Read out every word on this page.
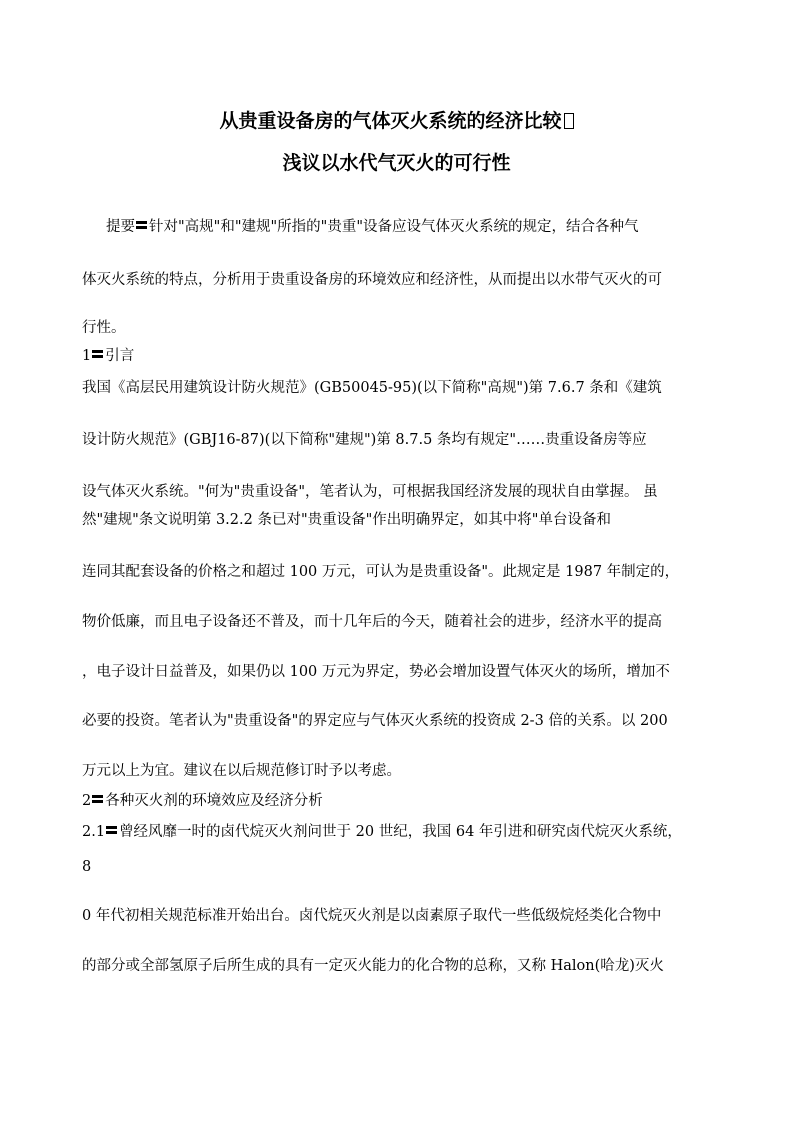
从贵重设备房的气体灭火系统的经济比较
浅议以水代气灭火的可行性
提要 针对"高规"和"建规"所指的"贵重"设备应设气体灭火系统的规定，结合各种气
体灭火系统的特点，分析用于贵重设备房的环境效应和经济性，从而提出以水带气灭火的可
行性。
1 引言
我国《高层民用建筑设计防火规范》(GB50045-95)(以下简称"高规")第 7.6.7 条和《建筑
设计防火规范》(GBJ16-87)(以下简称"建规")第 8.7.5 条均有规定"……贵重设备房等应
设气体灭火系统。"何为"贵重设备"，笔者认为，可根据我国经济发展的现状自由掌握。 虽
然"建规"条文说明第 3.2.2 条已对"贵重设备"作出明确界定，如其中将"单台设备和
连同其配套设备的价格之和超过 100 万元，可认为是贵重设备"。此规定是 1987 年制定的，
物价低廉，而且电子设备还不普及，而十几年后的今天，随着社会的进步，经济水平的提高
，电子设计日益普及，如果仍以 100 万元为界定，势必会增加设置气体灭火的场所，增加不
必要的投资。笔者认为"贵重设备"的界定应与气体灭火系统的投资成 2-3 倍的关系。以 200
万元以上为宜。建议在以后规范修订时予以考虑。
2 各种灭火剂的环境效应及经济分析
2.1 曾经风靡一时的卤代烷灭火剂问世于 20 世纪，我国 64 年引进和研究卤代烷灭火系统，
8
0 年代初相关规范标准开始出台。卤代烷灭火剂是以卤素原子取代一些低级烷烃类化合物中
的部分或全部氢原子后所生成的具有一定灭火能力的化合物的总称，又称 Halon(哈龙)灭火
